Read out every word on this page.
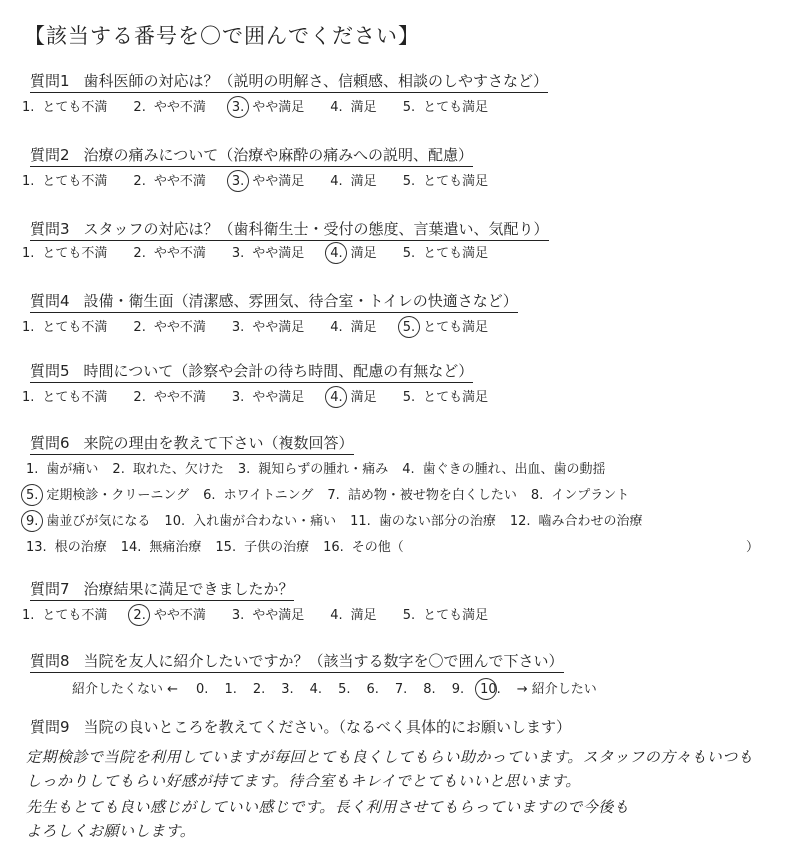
【該当する番号を〇で囲んでください】
質問1 歯科医師の対応は？（説明の明解さ、信頼感、相談のしやすさなど）
1. とても不満 2. やや不満 3. やや満足 4. 満足 5. とても満足
質問2 治療の痛みについて（治療や麻酔の痛みへの説明、配慮）
1. とても不満 2. やや不満 3. やや満足 4. 満足 5. とても満足
質問3 スタッフの対応は？（歯科衛生士・受付の態度、言葉遣い、気配り）
1. とても不満 2. やや不満 3. やや満足 4. 満足 5. とても満足
質問4 設備・衛生面（清潔感、雰囲気、待合室・トイレの快適さなど）
1. とても不満 2. やや不満 3. やや満足 4. 満足 5. とても満足
質問5 時間について（診察や会計の待ち時間、配慮の有無など）
1. とても不満 2. やや不満 3. やや満足 4. 満足 5. とても満足
質問6 来院の理由を教えて下さい（複数回答）
1. 歯が痛い 2. 取れた、欠けた 3. 親知らずの腫れ・痛み 4. 歯ぐきの腫れ、出血、歯の動揺
5. 定期検診・クリーニング 6. ホワイトニング 7. 詰め物・被せ物を白くしたい 8. インプラント
9. 歯並びが気になる 10. 入れ歯が合わない・痛い 11. 歯のない部分の治療 12. 嚙み合わせの治療
13. 根の治療 14. 無痛治療 15. 子供の治療 16. その他（	）
質問7 治療結果に満足できましたか？
1. とても不満 2. やや不満 3. やや満足 4. 満足 5. とても満足
質問8 当院を友人に紹介したいですか？（該当する数字を〇で囲んで下さい）
紹介したくない ← 0. 1. 2. 3. 4. 5. 6. 7. 8. 9. 10. → 紹介したい
質問9 当院の良いところを教えてください。（なるべく具体的にお願いします）
定期検診で当院を利用していますが毎回とても良くしてもらい助かっています。スタッフの方々もいつも
しっかりしてもらい好感が持てます。待合室もキレイでとてもいいと思います。
先生もとても良い感じがしていい感じです。長く利用させてもらっていますので今後も
よろしくお願いします。
